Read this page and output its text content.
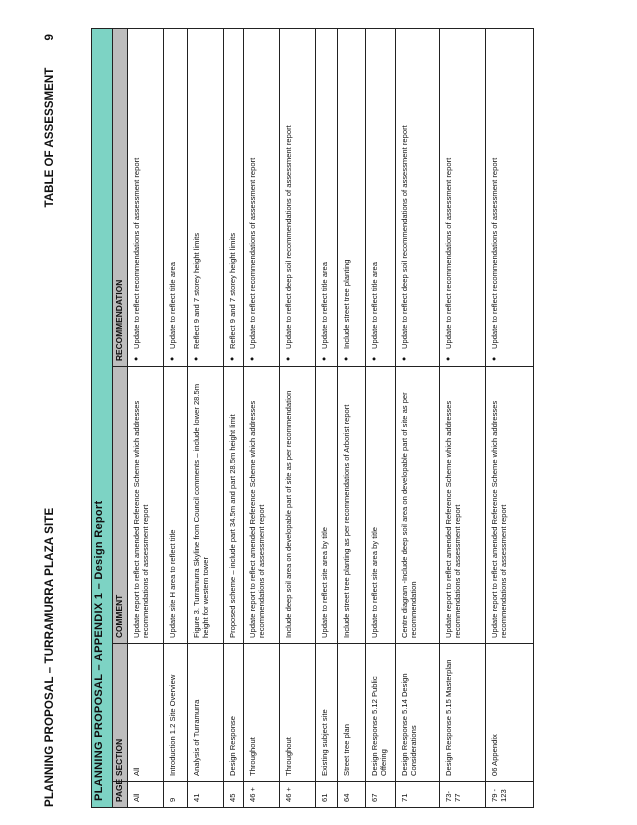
PLANNING PROPOSAL – TURRAMURRA PLAZA SITE
TABLE OF ASSESSMENT 9
PLANNING PROPOSAL – APPENDIX 1 – Design Report			
PAGE	SECTION	COMMENT	RECOMMENDATION
All	All	Update report to reflect amended Reference Scheme which addresses recommendations of assessment report	●Update to reflect recommendations of assessment report
9	Introduction 1.2 Site Overview	Update site H area to reflect title	●Update to reflect title area
41	Analysis of Turramurra	Figure 3. Turramurra Skyline from Council comments – include lower 28.5m height for western tower	●Reflect 9 and 7 storey height limits
45	Design Response	Proposed scheme – include part 34.5m and part 28.5m height limit	●Reflect 9 and 7 storey height limits
46 +	Throughout	Update report to reflect amended Reference Scheme which addresses recommendations of assessment report	●Update to reflect recommendations of assessment report
46 +	Throughout	Include deep soil area on developable part of site as per recommendation	●Update to reflect deep soil recommendations of assessment report
61	Existing subject site	Update to reflect site area by title	●Update to reflect title area
64	Street tree plan	Include street tree planting as per recommendations of Arborist report	●Include street tree planting
67	Design Response 5.12 Public Offering	Update to reflect site area by title	●Update to reflect title area
71	Design Response 5.14 Design Considerations	Centre diagram -Include deep soil area on developable part of site as per recommendation	●Update to reflect deep soil recommendations of assessment report
73-77	Design Response 5.15 Masterplan	Update report to reflect amended Reference Scheme which addresses recommendations of assessment report	●Update to reflect recommendations of assessment report
79 - 123	06 Appendix	Update report to reflect amended Reference Scheme which addresses recommendations of assessment report	●Update to reflect recommendations of assessment report
